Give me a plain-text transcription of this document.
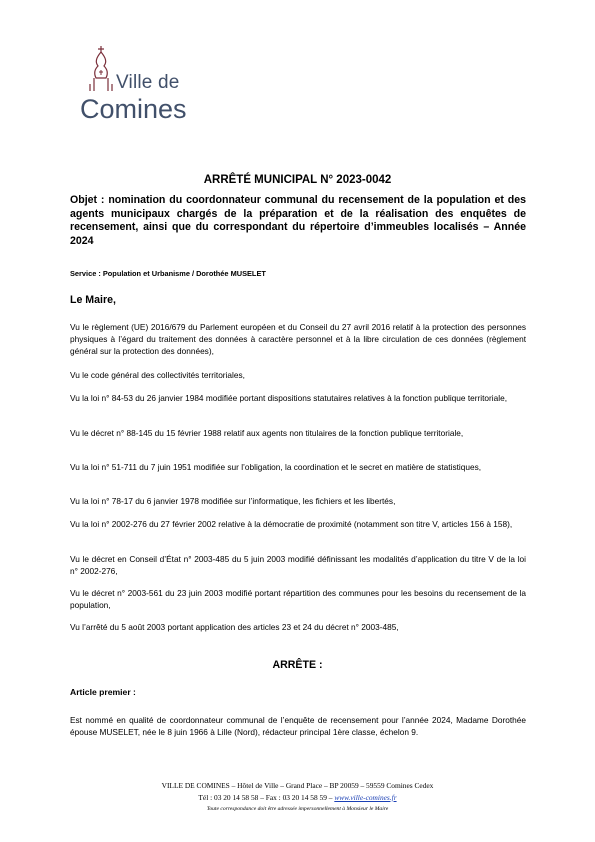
Ville de
Comines
ARRÊTÉ MUNICIPAL N° 2023-0042
Objet : nomination du coordonnateur communal du recensement de la population et des agents municipaux chargés de la préparation et de la réalisation des enquêtes de recensement, ainsi que du correspondant du répertoire d’immeubles localisés – Année 2024
Service : Population et Urbanisme / Dorothée MUSELET
Le Maire,
Vu le règlement (UE) 2016/679 du Parlement européen et du Conseil du 27 avril 2016 relatif à la protection des personnes physiques à l’égard du traitement des données à caractère personnel et à la libre circulation de ces données (règlement général sur la protection des données),
Vu le code général des collectivités territoriales,
Vu la loi n° 84-53 du 26 janvier 1984 modifiée portant dispositions statutaires relatives à la fonction publique territoriale,
Vu le décret n° 88-145 du 15 février 1988 relatif aux agents non titulaires de la fonction publique territoriale,
Vu la loi n° 51-711 du 7 juin 1951 modifiée sur l’obligation, la coordination et le secret en matière de statistiques,
Vu la loi n° 78-17 du 6 janvier 1978 modifiée sur l’informatique, les fichiers et les libertés,
Vu la loi n° 2002-276 du 27 février 2002 relative à la démocratie de proximité (notamment son titre V, articles 156 à 158),
Vu le décret en Conseil d’État n° 2003-485 du 5 juin 2003 modifié définissant les modalités d’application du titre V de la loi n° 2002-276,
Vu le décret n° 2003-561 du 23 juin 2003 modifié portant répartition des communes pour les besoins du recensement de la population,
Vu l’arrêté du 5 août 2003 portant application des articles 23 et 24 du décret n° 2003-485,
ARRÊTE :
Article premier :
Est nommé en qualité de coordonnateur communal de l’enquête de recensement pour l’année 2024, Madame Dorothée épouse MUSELET, née le 8 juin 1966 à Lille (Nord), rédacteur principal 1ère classe, échelon 9.
VILLE DE COMINES – Hôtel de Ville – Grand Place – BP 20059 – 59559 Comines Cedex
Tél : 03 20 14 58 58 – Fax : 03 20 14 58 59 – www.ville-comines.fr
Toute correspondance doit être adressée impersonnellement à Monsieur le Maire
